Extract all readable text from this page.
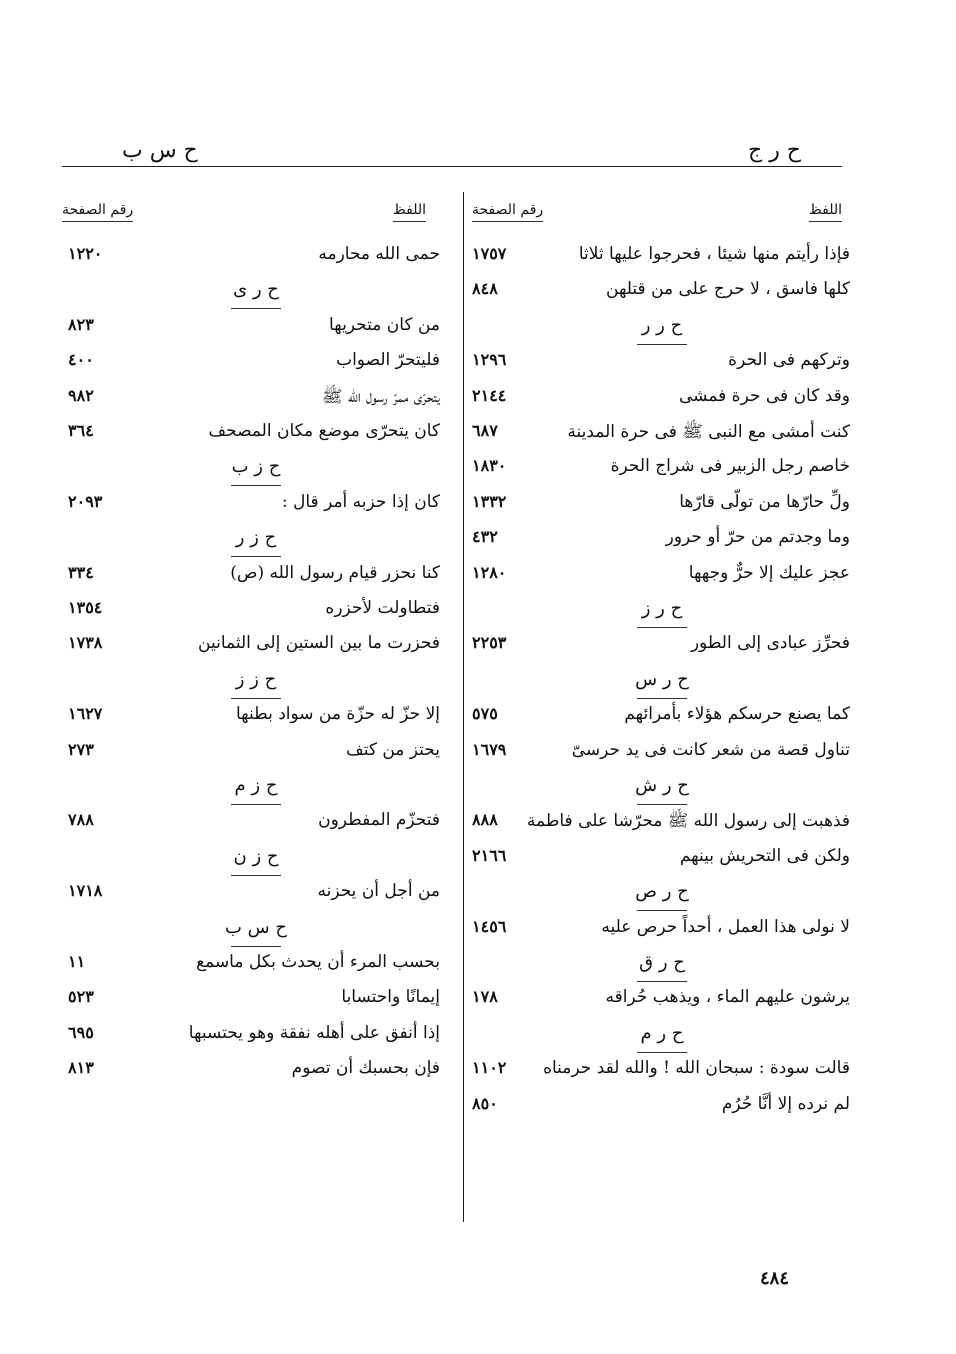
ح س ب	ح ر ج
اللفظ
رقم الصفحة
اللفظ
رقم الصفحة
فإذا رأيتم منها شيئا ، فحرجوا عليها ثلاثا
١٧٥٧
كلها فاسق ، لا حرج على من قتلهن
٨٤٨
ح ر ر
وتركهم فى الحرة
١٢٩٦
وقد كان فى حرة فمشى
٢١٤٤
كنت أمشى مع النبى ﷺ فى حرة المدينة
٦٨٧
خاصم رجل الزبير فى شراج الحرة
١٨٣٠
ولِّ حارّها من تولّى قارّها
١٣٣٢
وما وجدتم من حرّ أو حرور
٤٣٢
عجز عليك إلا حرٌّ وجهها
١٢٨٠
ح ر ز
فحرِّز عبادى إلى الطور
٢٢٥٣
ح ر س
كما يصنع حرسكم هؤلاء بأمرائهم
٥٧٥
تناول قصة من شعر كانت فى يد حرسىّ
١٦٧٩
ح ر ش
فذهبت إلى رسول الله ﷺ محرّشا على فاطمة
٨٨٨
ولكن فى التحريش بينهم
٢١٦٦
ح ر ص
لا نولى هذا العمل ، أحداً حرص عليه
١٤٥٦
ح ر ق
يرشون عليهم الماء ، ويذهب حُراقه
١٧٨
ح ر م
قالت سودة : سبحان الله ! والله لقد حرمناه
١١٠٢
لم نرده إلا أنَّا حُرُم
٨٥٠
حمى الله محارمه
١٢٢٠
ح ر ى
من كان متحريها
٨٢٣
فليتحرّ الصواب
٤٠٠
يتحرّى ممرّ رسول الله ﷺ
٩٨٢
كان يتحرّى موضع مكان المصحف
٣٦٤
ح ز ب
كان إذا حزبه أمر قال :
٢٠٩٣
ح ز ر
كنا نحزر قيام رسول الله (ص)
٣٣٤
فتطاولت لأحزره
١٣٥٤
فحزرت ما بين الستين إلى الثمانين
١٧٣٨
ح ز ز
إلا حزّ له حزّة من سواد بطنها
١٦٢٧
يحتز من كتف
٢٧٣
ح ز م
فتحزّم المفطرون
٧٨٨
ح ز ن
من أجل أن يحزنه
١٧١٨
ح س ب
بحسب المرء أن يحدث بكل ماسمع
١١
إيمانًا واحتسابا
٥٢٣
إذا أنفق على أهله نفقة وهو يحتسبها
٦٩٥
فإن بحسبك أن تصوم
٨١٣
٤٨٤
